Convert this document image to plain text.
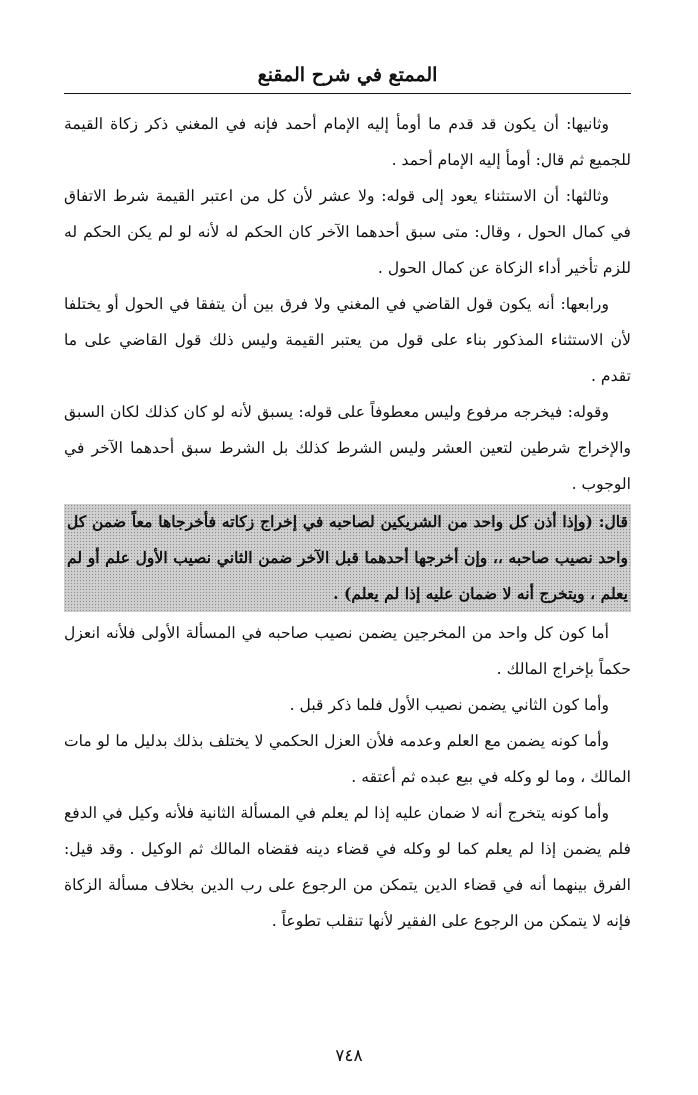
الممتع في شرح المقنع

وثانيها: أن يكون قد قدم ما أومأ إليه الإمام أحمد فإنه في المغني ذكر زكاة القيمة للجميع ثم قال: أومأ إليه الإمام أحمد .

وثالثها: أن الاستثناء يعود إلى قوله: ولا عشر لأن كل من اعتبر القيمة شرط الاتفاق في كمال الحول ، وقال: متى سبق أحدهما الآخر كان الحكم له لأنه لو لم يكن الحكم له للزم تأخير أداء الزكاة عن كمال الحول .

ورابعها: أنه يكون قول القاضي في المغني ولا فرق بين أن يتفقا في الحول أو يختلفا لأن الاستثناء المذكور بناء على قول من يعتبر القيمة وليس ذلك قول القاضي على ما تقدم .

وقوله: فيخرجه مرفوع وليس معطوفاً على قوله: يسبق لأنه لو كان كذلك لكان السبق والإخراج شرطين لتعين العشر وليس الشرط كذلك بل الشرط سبق أحدهما الآخر في الوجوب .

قال: (وإذا أذن كل واحد من الشريكين لصاحبه في إخراج زكاته فأخرجاها معاً ضمن كل واحد نصيب صاحبه ،، وإن أخرجها أحدهما قبل الآخر ضمن الثاني نصيب الأول علم أو لم يعلم ، ويتخرج أنه لا ضمان عليه إذا لم يعلم) .

أما كون كل واحد من المخرجين يضمن نصيب صاحبه في المسألة الأولى فلأنه انعزل حكماً بإخراج المالك .

وأما كون الثاني يضمن نصيب الأول فلما ذكر قبل .

وأما كونه يضمن مع العلم وعدمه فلأن العزل الحكمي لا يختلف بذلك بدليل ما لو مات المالك ، وما لو وكله في بيع عبده ثم أعتقه .

وأما كونه يتخرج أنه لا ضمان عليه إذا لم يعلم في المسألة الثانية فلأنه وكيل في الدفع فلم يضمن إذا لم يعلم كما لو وكله في قضاء دينه فقضاه المالك ثم الوكيل . وقد قيل: الفرق بينهما أنه في قضاء الدين يتمكن من الرجوع على رب الدين بخلاف مسألة الزكاة فإنه لا يتمكن من الرجوع على الفقير لأنها تنقلب تطوعاً .

٧٤٨
